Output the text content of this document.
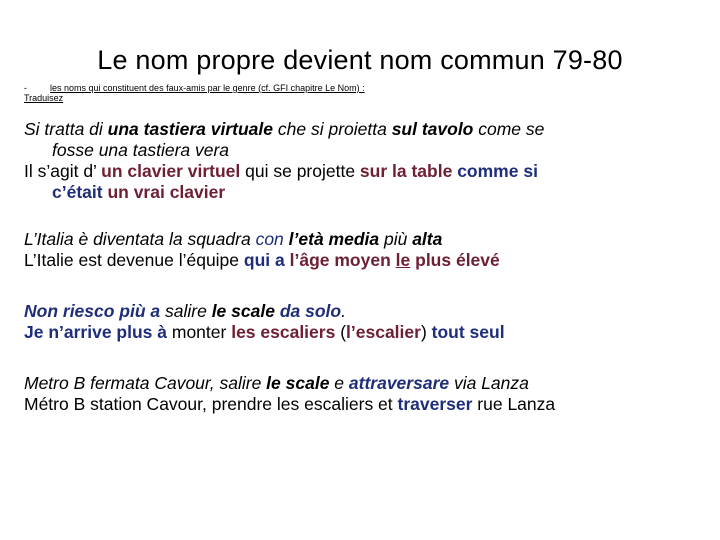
Le nom propre devient nom commun 79-80
-	les noms qui constituent des faux-amis par le genre (cf. GFI chapitre Le Nom) :
Traduisez
Si tratta di una tastiera virtuale che si proietta sul tavolo come se
fosse una tastiera vera
Il s’agit d’ un clavier virtuel qui se projette sur la table comme si
c’était un vrai clavier
L’Italia è diventata la squadra con l’età media più alta
L’Italie est devenue l’équipe qui a l’âge moyen le plus élevé
Non riesco più a salire le scale da solo.
Je n’arrive plus à monter les escaliers (l’escalier) tout seul
Metro B fermata Cavour, salire le scale e attraversare via Lanza
Métro B station Cavour, prendre les escaliers et traverser rue Lanza
